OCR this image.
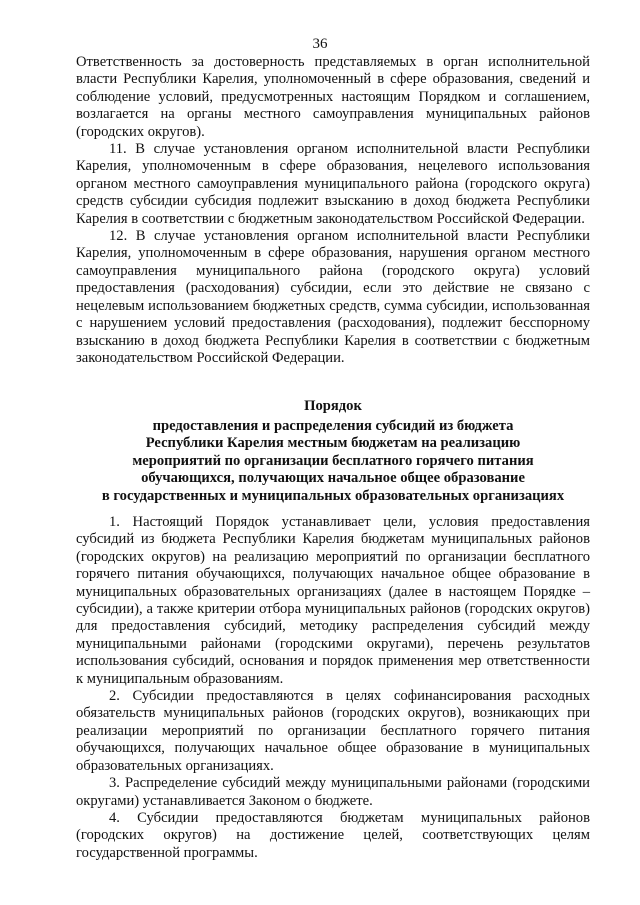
36

Ответственность за достоверность представляемых в орган исполнительной власти Республики Карелия, уполномоченный в сфере образования, сведений и соблюдение условий, предусмотренных настоящим Порядком и соглашением, возлагается на органы местного самоуправления муниципальных районов (городских округов).

11. В случае установления органом исполнительной власти Республики Карелия, уполномоченным в сфере образования, нецелевого использования органом местного самоуправления муниципального района (городского округа) средств субсидии субсидия подлежит взысканию в доход бюджета Республики Карелия в соответствии с бюджетным законодательством Российской Федерации.

12. В случае установления органом исполнительной власти Республики Карелия, уполномоченным в сфере образования, нарушения органом местного самоуправления муниципального района (городского округа) условий предоставления (расходования) субсидии, если это действие не связано с нецелевым использованием бюджетных средств, сумма субсидии, использованная с нарушением условий предоставления (расходования), подлежит бесспорному взысканию в доход бюджета Республики Карелия в соответствии с бюджетным законодательством Российской Федерации.

Порядок
предоставления и распределения субсидий из бюджета
Республики Карелия местным бюджетам на реализацию
мероприятий по организации бесплатного горячего питания
обучающихся, получающих начальное общее образование
в государственных и муниципальных образовательных организациях

1. Настоящий Порядок устанавливает цели, условия предоставления субсидий из бюджета Республики Карелия бюджетам муниципальных районов (городских округов) на реализацию мероприятий по организации бесплатного горячего питания обучающихся, получающих начальное общее образование в муниципальных образовательных организациях (далее в настоящем Порядке – субсидии), а также критерии отбора муниципальных районов (городских округов) для предоставления субсидий, методику распределения субсидий между муниципальными районами (городскими округами), перечень результатов использования субсидий, основания и порядок применения мер ответственности к муниципальным образованиям.

2. Субсидии предоставляются в целях софинансирования расходных обязательств муниципальных районов (городских округов), возникающих при реализации мероприятий по организации бесплатного горячего питания обучающихся, получающих начальное общее образование в муниципальных образовательных организациях.

3. Распределение субсидий между муниципальными районами (городскими округами) устанавливается Законом о бюджете.

4. Субсидии предоставляются бюджетам муниципальных районов (городских округов) на достижение целей, соответствующих целям государственной программы.
